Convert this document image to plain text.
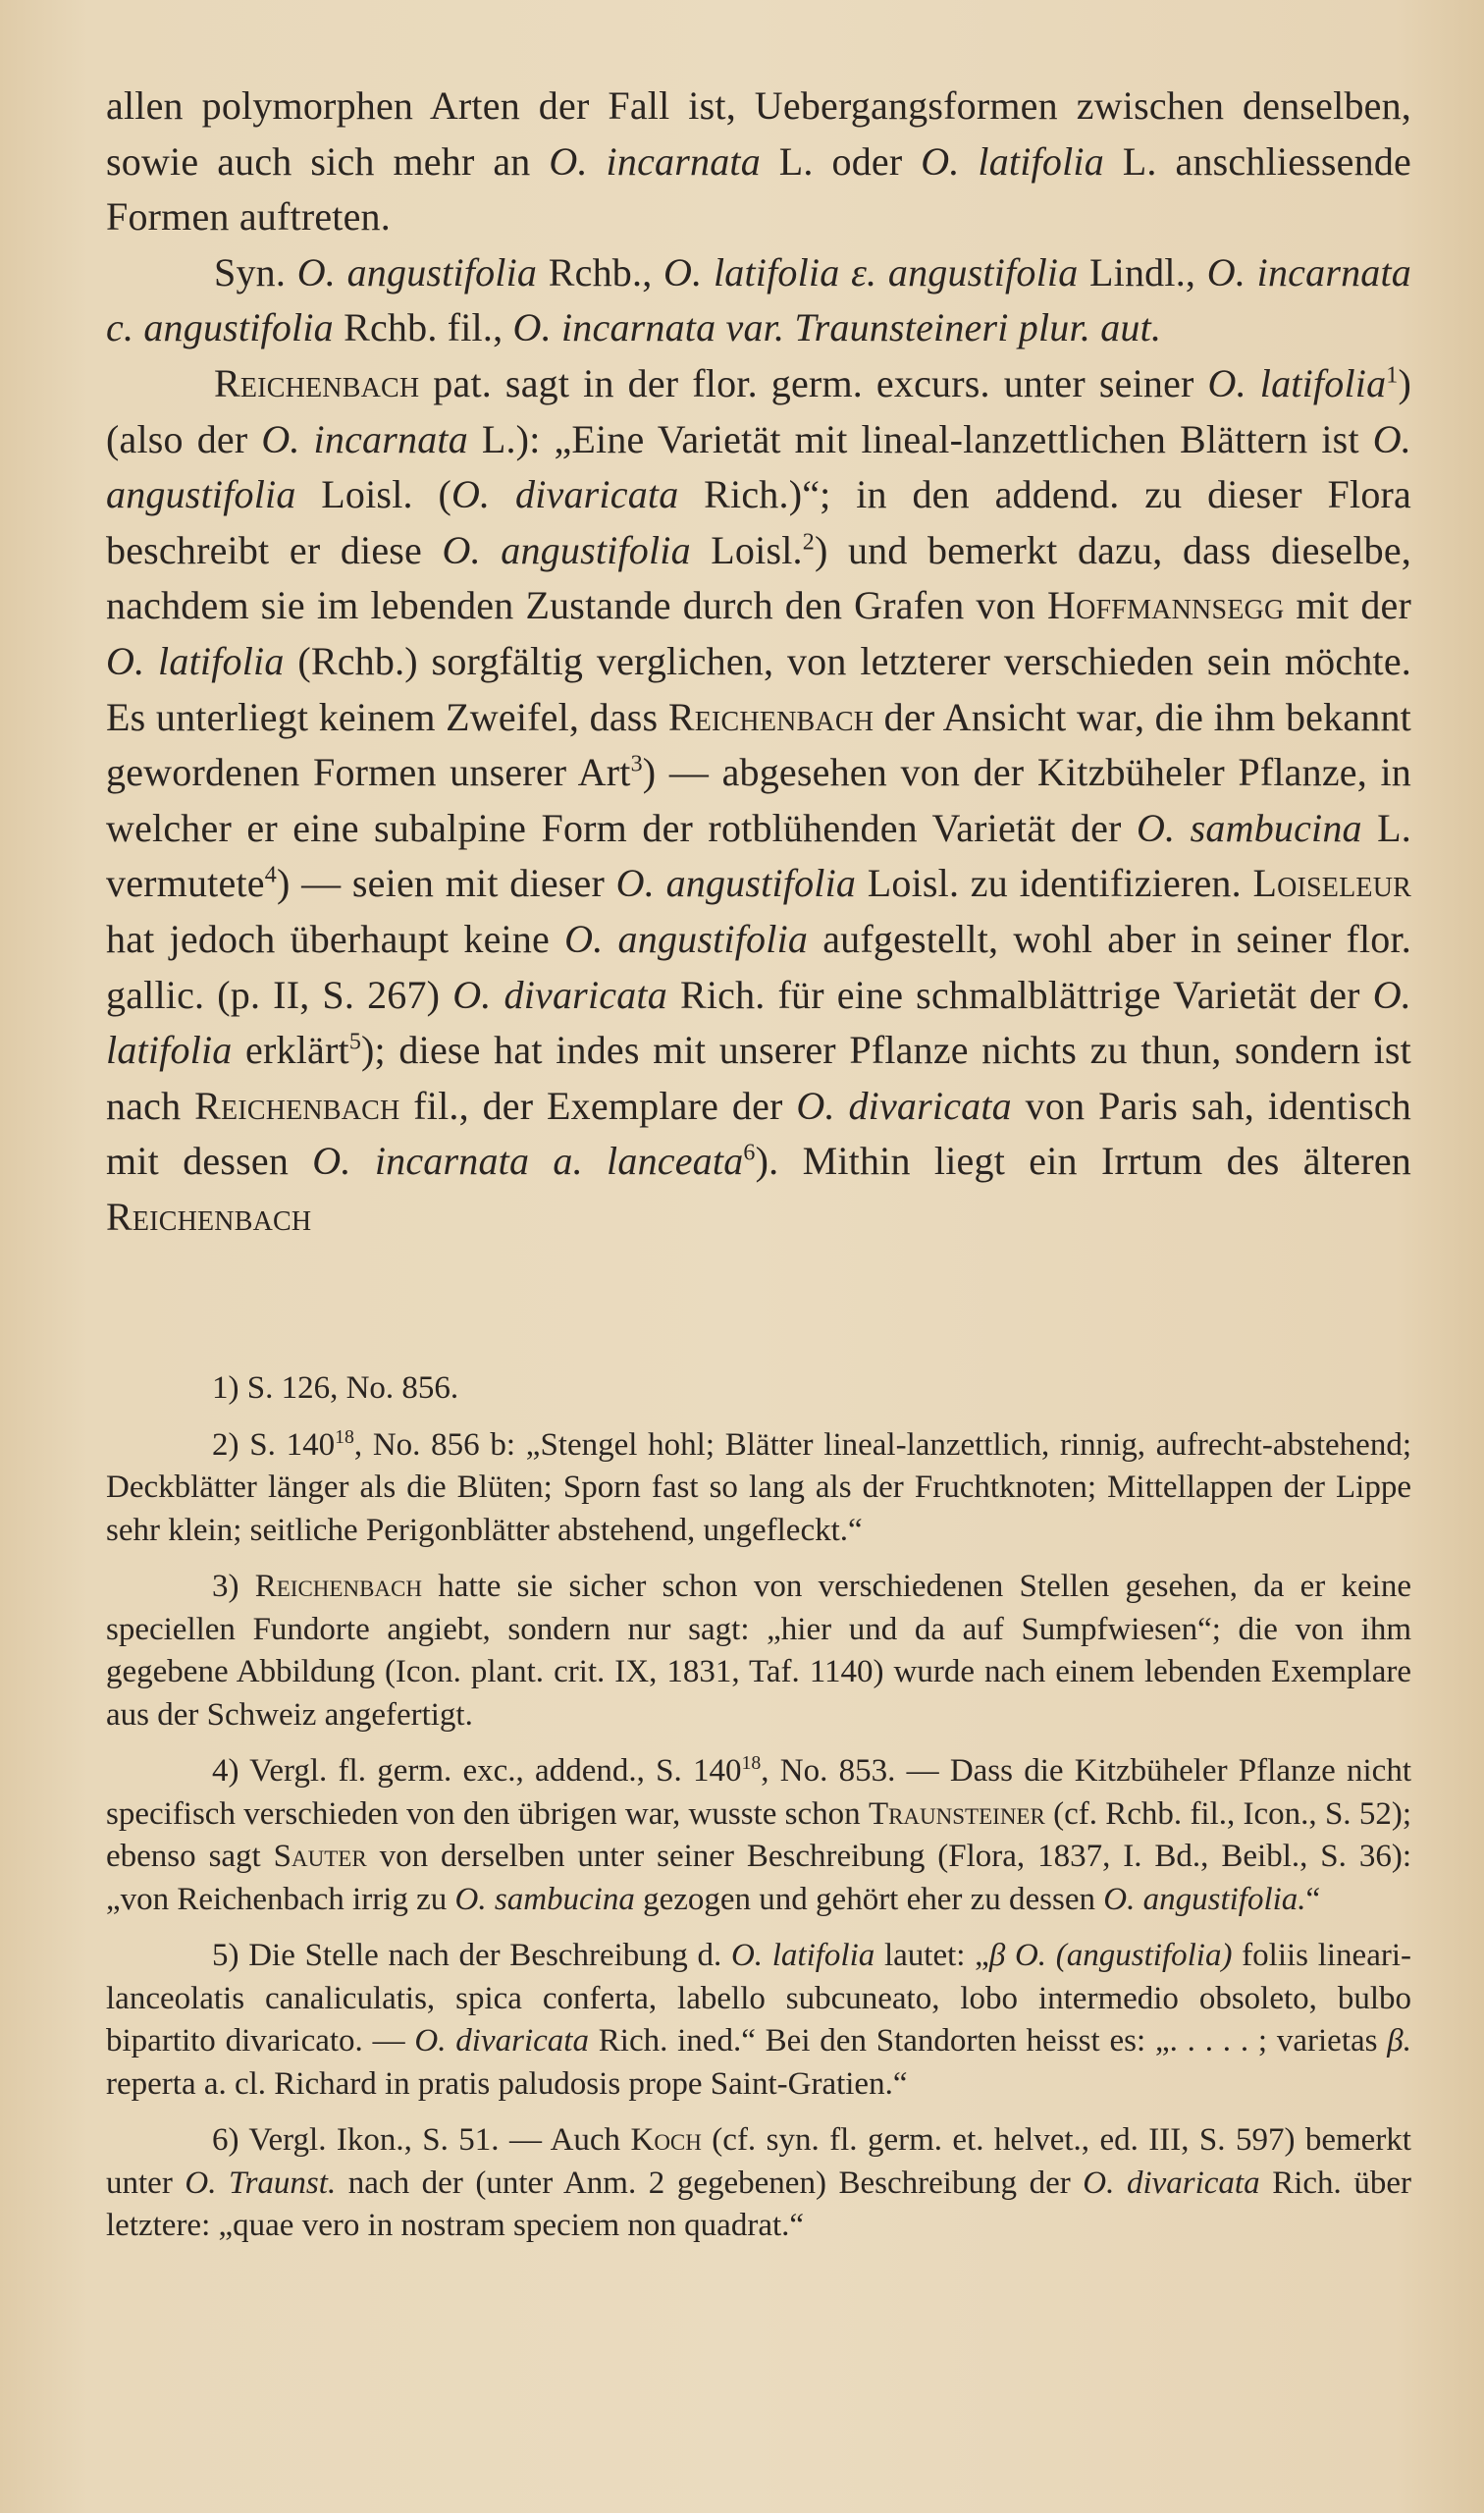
allen polymorphen Arten der Fall ist, Uebergangsformen zwischen denselben, sowie auch sich mehr an O. incarnata L. oder O. latifolia L. anschliessende Formen auftreten.

Syn. O. angustifolia Rchb., O. latifolia ε. angustifolia Lindl., O. incarnata c. angustifolia Rchb. fil., O. incarnata var. Traunsteineri plur. aut.

Reichenbach pat. sagt in der flor. germ. excurs. unter seiner O. latifolia$^1$) (also der O. incarnata L.): „Eine Varietät mit lineal-lanzettlichen Blättern ist O. angustifolia Loisl. (O. divaricata Rich.)“; in den addend. zu dieser Flora beschreibt er diese O. angustifolia Loisl.$^2$) und bemerkt dazu, dass dieselbe, nachdem sie im lebenden Zustande durch den Grafen von Hoffmannsegg mit der O. latifolia (Rchb.) sorgfältig verglichen, von letzterer verschieden sein möchte. Es unterliegt keinem Zweifel, dass Reichenbach der Ansicht war, die ihm bekannt gewordenen Formen unserer Art$^3$) — abgesehen von der Kitzbüheler Pflanze, in welcher er eine subalpine Form der rotblühenden Varietät der O. sambucina L. vermutete$^4$) — seien mit dieser O. angustifolia Loisl. zu identifizieren. Loiseleur hat jedoch überhaupt keine O. angustifolia aufgestellt, wohl aber in seiner flor. gallic. (p. II, S. 267) O. divaricata Rich. für eine schmalblättrige Varietät der O. latifolia erklärt$^5$); diese hat indes mit unserer Pflanze nichts zu thun, sondern ist nach Reichenbach fil., der Exemplare der O. divaricata von Paris sah, identisch mit dessen O. incarnata a. lanceata$^6$). Mithin liegt ein Irrtum des älteren Reichenbach

1) S. 126, No. 856.

2) S. $140^{18}$, No. 856 b: „Stengel hohl; Blätter lineal-lanzettlich, rinnig, aufrecht-abstehend; Deckblätter länger als die Blüten; Sporn fast so lang als der Fruchtknoten; Mittellappen der Lippe sehr klein; seitliche Perigonblätter abstehend, ungefleckt.“

3) Reichenbach hatte sie sicher schon von verschiedenen Stellen gesehen, da er keine speciellen Fundorte angiebt, sondern nur sagt: „hier und da auf Sumpfwiesen“; die von ihm gegebene Abbildung (Icon. plant. crit. IX, 1831, Taf. 1140) wurde nach einem lebenden Exemplare aus der Schweiz angefertigt.

4) Vergl. fl. germ. exc., addend., S. $140^{18}$, No. 853. — Dass die Kitzbüheler Pflanze nicht specifisch verschieden von den übrigen war, wusste schon Traunsteiner (cf. Rchb. fil., Icon., S. 52); ebenso sagt Sauter von derselben unter seiner Beschreibung (Flora, 1837, I. Bd., Beibl., S. 36): „von Reichenbach irrig zu O. sambucina gezogen und gehört eher zu dessen O. angustifolia.“

5) Die Stelle nach der Beschreibung d. O. latifolia lautet: „β O. (angustifolia) foliis lineari-lanceolatis canaliculatis, spica conferta, labello subcuneato, lobo intermedio obsoleto, bulbo bipartito divaricato. — O. divaricata Rich. ined.“ Bei den Standorten heisst es: „. . . . . ; varietas β. reperta a. cl. Richard in pratis paludosis prope Saint-Gratien.“

6) Vergl. Ikon., S. 51. — Auch Koch (cf. syn. fl. germ. et. helvet., ed. III, S. 597) bemerkt unter O. Traunst. nach der (unter Anm. 2 gegebenen) Beschreibung der O. divaricata Rich. über letztere: „quae vero in nostram speciem non quadrat.“
